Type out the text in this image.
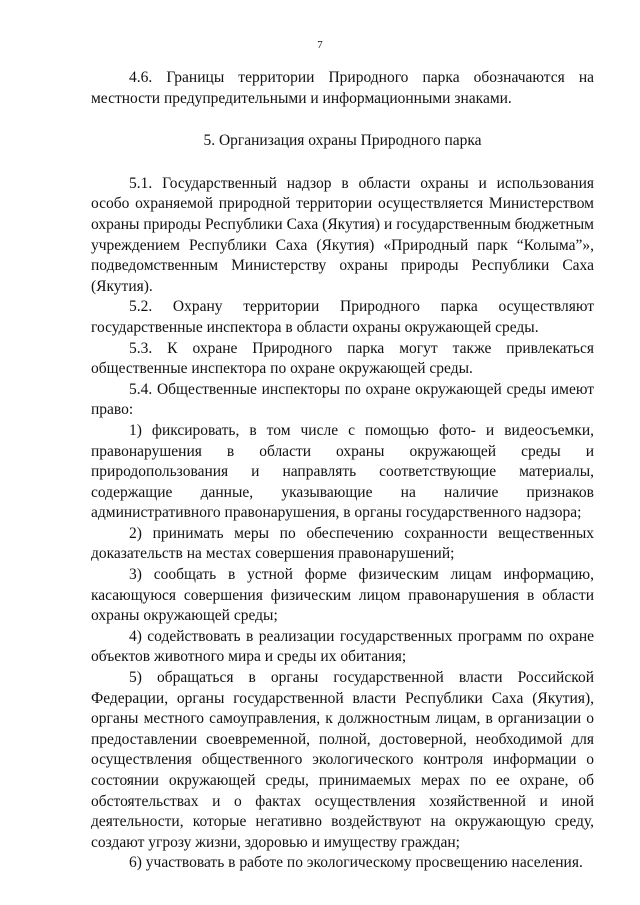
7

4.6. Границы территории Природного парка обозначаются на местности предупредительными и информационными знаками.

5. Организация охраны Природного парка

5.1. Государственный надзор в области охраны и использования особо охраняемой природной территории осуществляется Министерством охраны природы Республики Саха (Якутия) и государственным бюджетным учреждением Республики Саха (Якутия) «Природный парк “Колыма”», подведомственным Министерству охраны природы Республики Саха (Якутия).

5.2. Охрану территории Природного парка осуществляют государственные инспектора в области охраны окружающей среды.

5.3. К охране Природного парка могут также привлекаться общественные инспектора по охране окружающей среды.

5.4. Общественные инспекторы по охране окружающей среды имеют право:

1) фиксировать, в том числе с помощью фото- и видеосъемки, правонарушения в области охраны окружающей среды и природопользования и направлять соответствующие материалы, содержащие данные, указывающие на наличие признаков административного правонарушения, в органы государственного надзора;

2) принимать меры по обеспечению сохранности вещественных доказательств на местах совершения правонарушений;

3) сообщать в устной форме физическим лицам информацию, касающуюся совершения физическим лицом правонарушения в области охраны окружающей среды;

4) содействовать в реализации государственных программ по охране объектов животного мира и среды их обитания;

5) обращаться в органы государственной власти Российской Федерации, органы государственной власти Республики Саха (Якутия), органы местного самоуправления, к должностным лицам, в организации о предоставлении своевременной, полной, достоверной, необходимой для осуществления общественного экологического контроля информации о состоянии окружающей среды, принимаемых мерах по ее охране, об обстоятельствах и о фактах осуществления хозяйственной и иной деятельности, которые негативно воздействуют на окружающую среду, создают угрозу жизни, здоровью и имуществу граждан;

6) участвовать в работе по экологическому просвещению населения.
